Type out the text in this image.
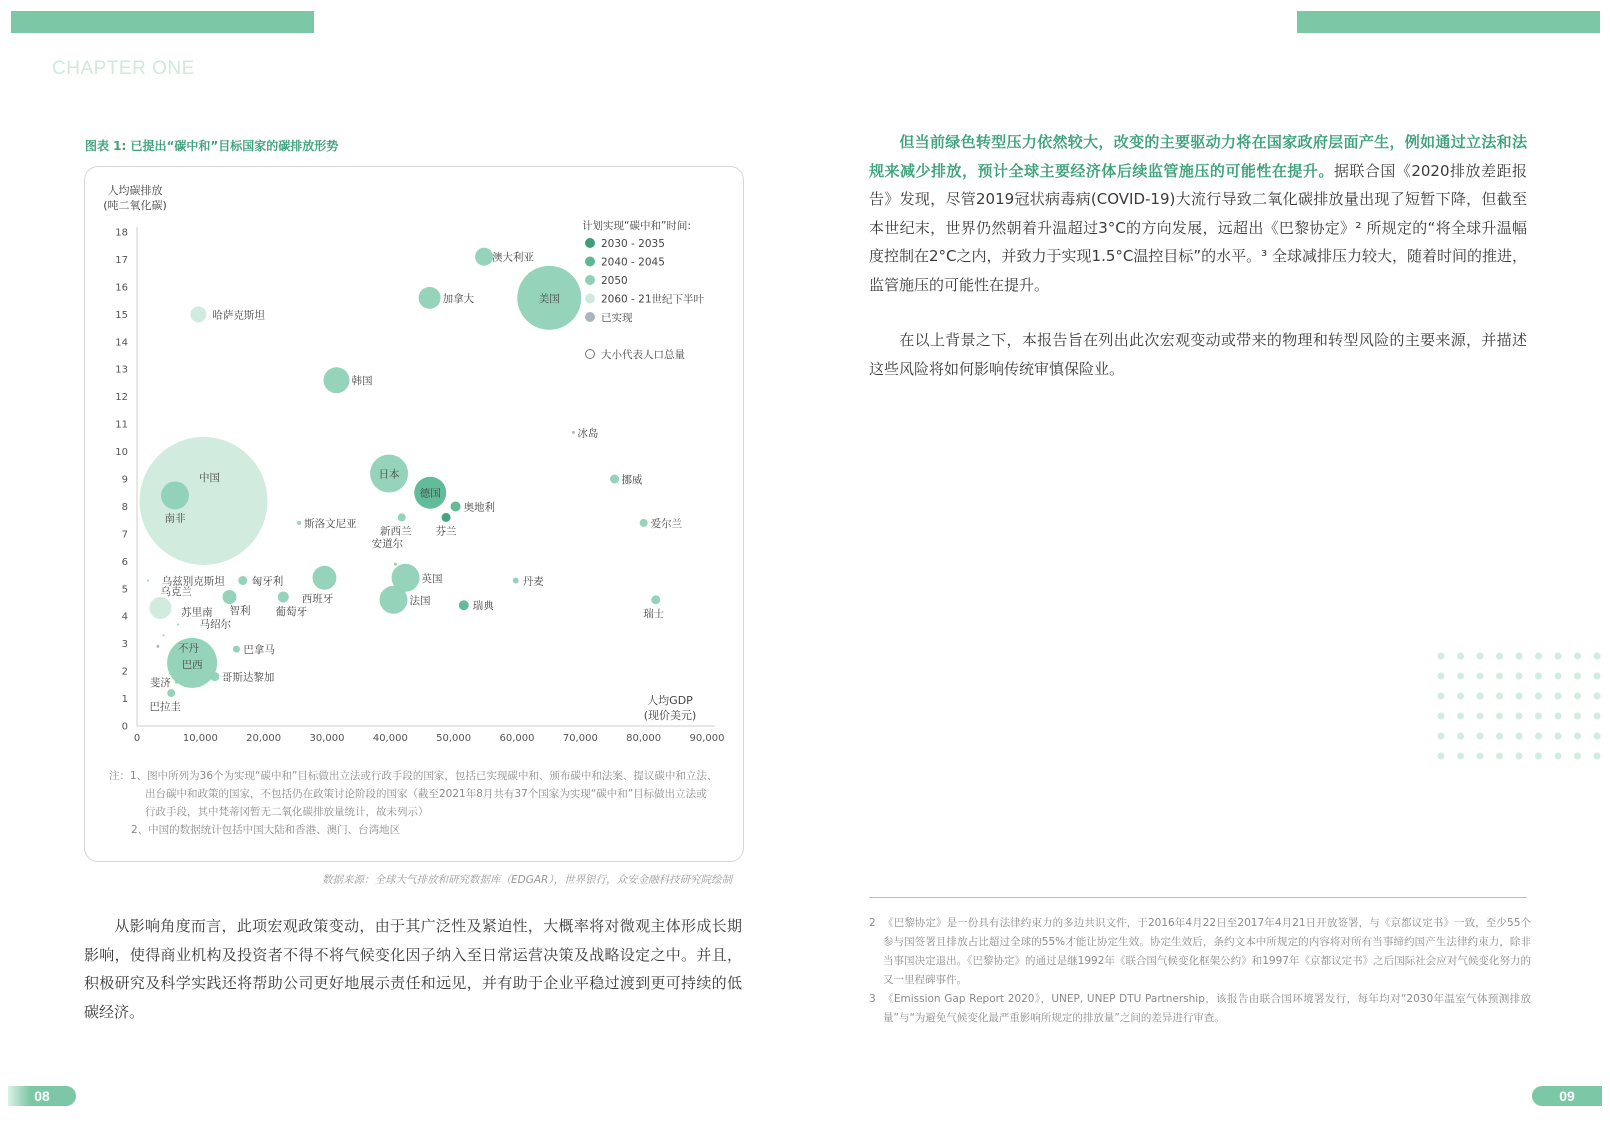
CHAPTER ONE
图表 1: 已提出“碳中和”目标国家的碳排放形势
0
1
2
3
4
5
6
7
8
9
10
11
12
13
14
15
16
17
18
0	10,000	20,000	30,000	40,000	50,000	60,000	70,000	80,000	90,000
人均碳排放
(吨二氧化碳)
人均GDP
(现价美元)
澳大利亚
加拿大	美国
哈萨克斯坦
韩国
冰岛
中国
南非
日本
德国
奥地利
芬兰
新西兰
挪威
斯洛文尼亚	爱尔兰
安道尔
英国
法国	瑞典
丹麦
瑞士
西班牙
匈牙利
乌兹别克斯坦
乌克兰
智利 葡萄牙
苏里南
马绍尔
不丹
巴西
巴拿马
斐济	哥斯达黎加
巴拉圭
计划实现“碳中和”时间:
2030 - 2035
2040 - 2045
2050
2060 - 21世纪下半叶
已实现
大小代表人口总量
注：1、图中所列为36个为实现“碳中和”目标做出立法或行政手段的国家，包括已实现碳中和、颁布碳中和法案、提议碳中和立法、
出台碳中和政策的国家，不包括仍在政策讨论阶段的国家（截至2021年8月共有37个国家为实现“碳中和”目标做出立法或
行政手段，其中梵蒂冈暂无二氧化碳排放量统计，故未列示）
2、中国的数据统计包括中国大陆和香港、澳门、台湾地区
数据来源：全球大气排放和研究数据库（EDGAR），世界银行，众安金融科技研究院绘制
从影响角度而言，此项宏观政策变动，由于其广泛性及紧迫性，大概率将对微观主体形成长期影响，使得商业机构及投资者不得不将气候变化因子纳入至日常运营决策及战略设定之中。并且，积极研究及科学实践还将帮助公司更好地展示责任和远见，并有助于企业平稳过渡到更可持续的低碳经济。
但当前绿色转型压力依然较大，改变的主要驱动力将在国家政府层面产生，例如通过立法和法规来减少排放，预计全球主要经济体后续监管施压的可能性在提升。据联合国《2020排放差距报告》发现，尽管2019冠状病毒病(COVID-19)大流行导致二氧化碳排放量出现了短暂下降，但截至本世纪末，世界仍然朝着升温超过3°C的方向发展，远超出《巴黎协定》² 所规定的“将全球升温幅度控制在2°C之内，并致力于实现1.5°C温控目标”的水平。³ 全球减排压力较大，随着时间的推进，监管施压的可能性在提升。
在以上背景之下，本报告旨在列出此次宏观变动或带来的物理和转型风险的主要来源，并描述这些风险将如何影响传统审慎保险业。
2 《巴黎协定》是一份具有法律约束力的多边共识文件，于2016年4月22日至2017年4月21日开放签署，与《京都议定书》一致，至少55个参与国签署且排放占比超过全球的55%才能让协定生效。协定生效后，条约文本中所规定的内容将对所有当事缔约国产生法律约束力，除非当事国决定退出。《巴黎协定》的通过是继1992年《联合国气候变化框架公约》和1997年《京都议定书》之后国际社会应对气候变化努力的又一里程碑事件。
3 《Emission Gap Report 2020》，UNEP, UNEP DTU Partnership，该报告由联合国环境署发行，每年均对“2030年温室气体预测排放量”与“为避免气候变化最严重影响所规定的排放量”之间的差异进行审查。
08	09
